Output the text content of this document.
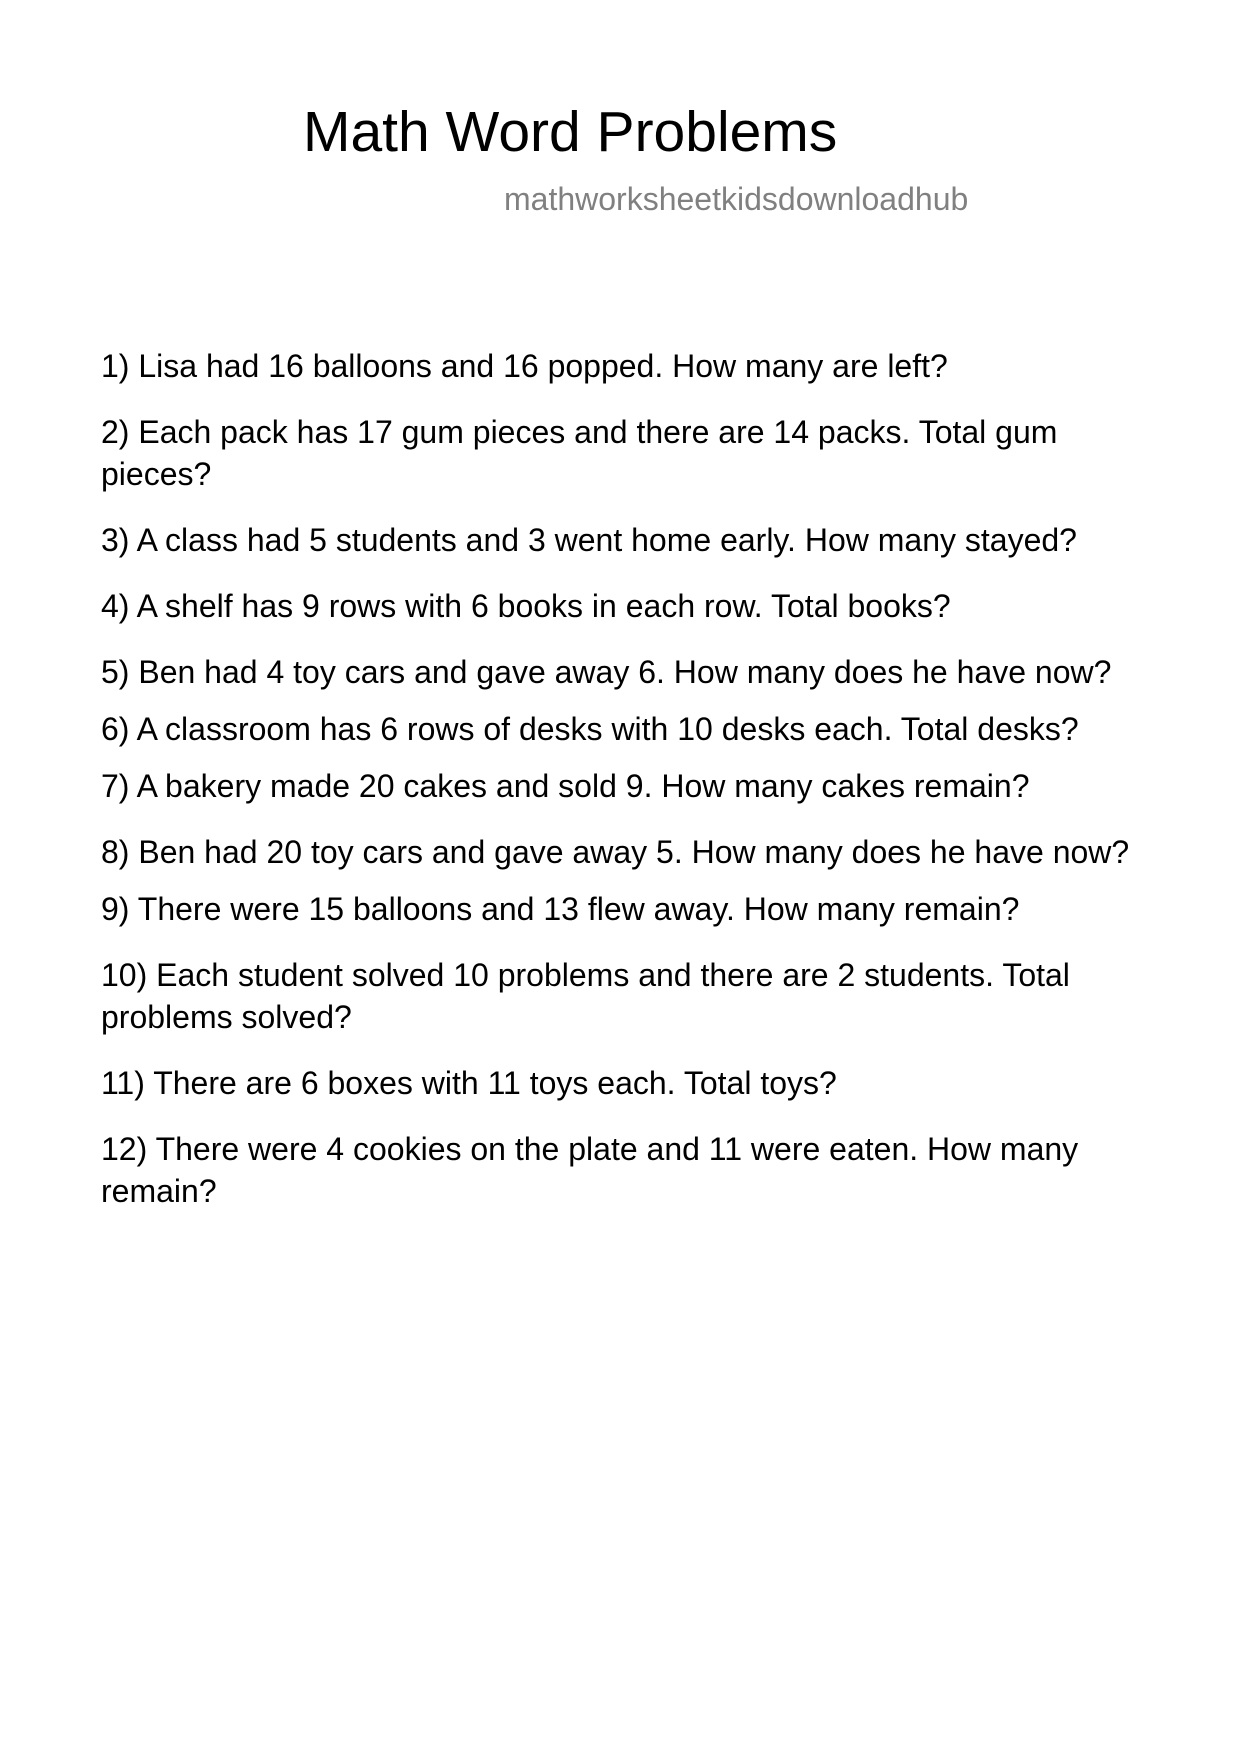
Math Word Problems
mathworksheetkidsdownloadhub
1) Lisa had 16 balloons and 16 popped. How many are left?
2) Each pack has 17 gum pieces and there are 14 packs. Total gum pieces?
3) A class had 5 students and 3 went home early. How many stayed?
4) A shelf has 9 rows with 6 books in each row. Total books?
5) Ben had 4 toy cars and gave away 6. How many does he have now?
6) A classroom has 6 rows of desks with 10 desks each. Total desks?
7) A bakery made 20 cakes and sold 9. How many cakes remain?
8) Ben had 20 toy cars and gave away 5. How many does he have now?
9) There were 15 balloons and 13 flew away. How many remain?
10) Each student solved 10 problems and there are 2 students. Total problems solved?
11) There are 6 boxes with 11 toys each. Total toys?
12) There were 4 cookies on the plate and 11 were eaten. How many remain?
